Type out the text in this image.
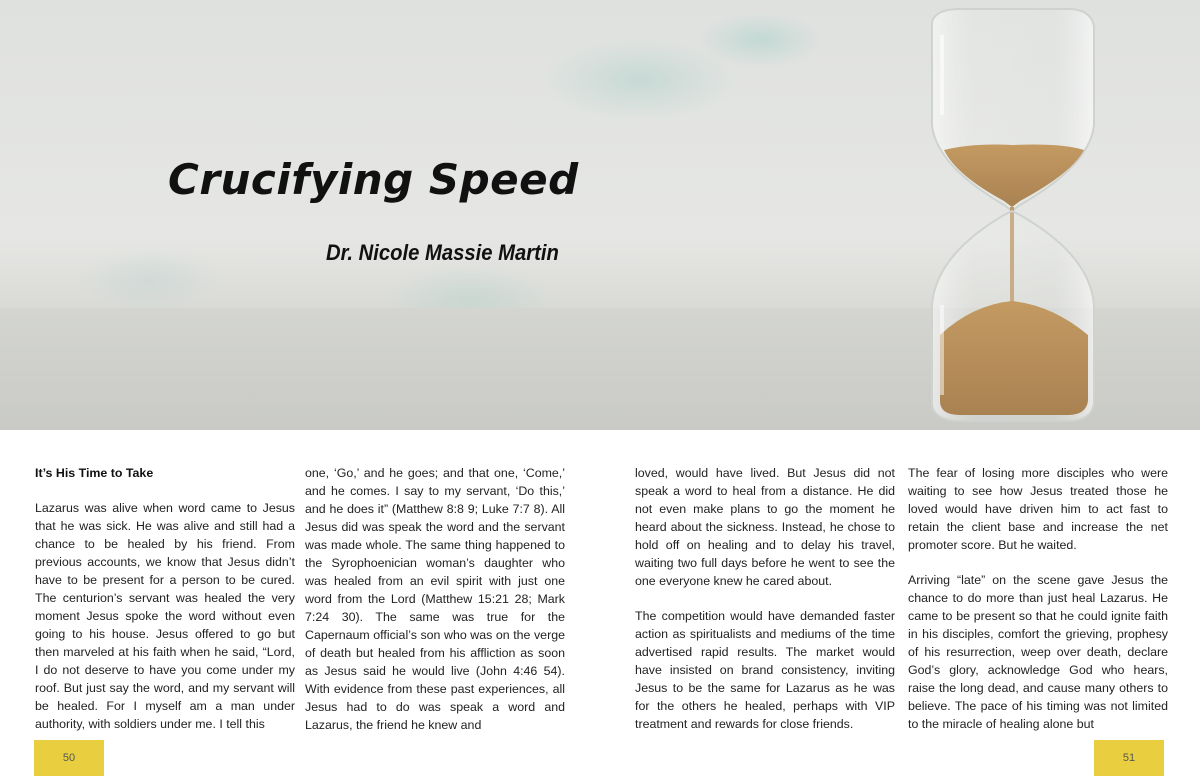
Crucifying Speed
Dr. Nicole Massie Martin
It’s His Time to Take

Lazarus was alive when word came to Jesus that he was sick. He was alive and still had a chance to be healed by his friend. From previous accounts, we know that Jesus didn’t have to be present for a person to be cured. The centurion’s servant was healed the very moment Jesus spoke the word without even going to his house. Jesus offered to go but then marveled at his faith when he said, “Lord, I do not deserve to have you come under my roof. But just say the word, and my servant will be healed. For I myself am a man under authority, with soldiers under me. I tell this

one, ‘Go,’ and he goes; and that one, ‘Come,’ and he comes. I say to my servant, ‘Do this,’ and he does it” (Matthew 8:8 9; Luke 7:7 8). All Jesus did was speak the word and the servant was made whole. The same thing happened to the Syrophoenician woman’s daughter who was healed from an evil spirit with just one word from the Lord (Matthew 15:21 28; Mark 7:24 30). The same was true for the Capernaum official’s son who was on the verge of death but healed from his affliction as soon as Jesus said he would live (John 4:46 54). With evidence from these past experiences, all Jesus had to do was speak a word and Lazarus, the friend he knew and

loved, would have lived. But Jesus did not speak a word to heal from a distance. He did not even make plans to go the moment he heard about the sickness. Instead, he chose to hold off on healing and to delay his travel, waiting two full days before he went to see the one everyone knew he cared about.

The competition would have demanded faster action as spiritualists and mediums of the time advertised rapid results. The market would have insisted on brand consistency, inviting Jesus to be the same for Lazarus as he was for the others he healed, perhaps with VIP treatment and rewards for close friends.

The fear of losing more disciples who were waiting to see how Jesus treated those he loved would have driven him to act fast to retain the client base and increase the net promoter score. But he waited.

Arriving “late” on the scene gave Jesus the chance to do more than just heal Lazarus. He came to be present so that he could ignite faith in his disciples, comfort the grieving, prophesy of his resurrection, weep over death, declare God’s glory, acknowledge God who hears, raise the long dead, and cause many others to believe. The pace of his timing was not limited to the miracle of healing alone but

50	51
